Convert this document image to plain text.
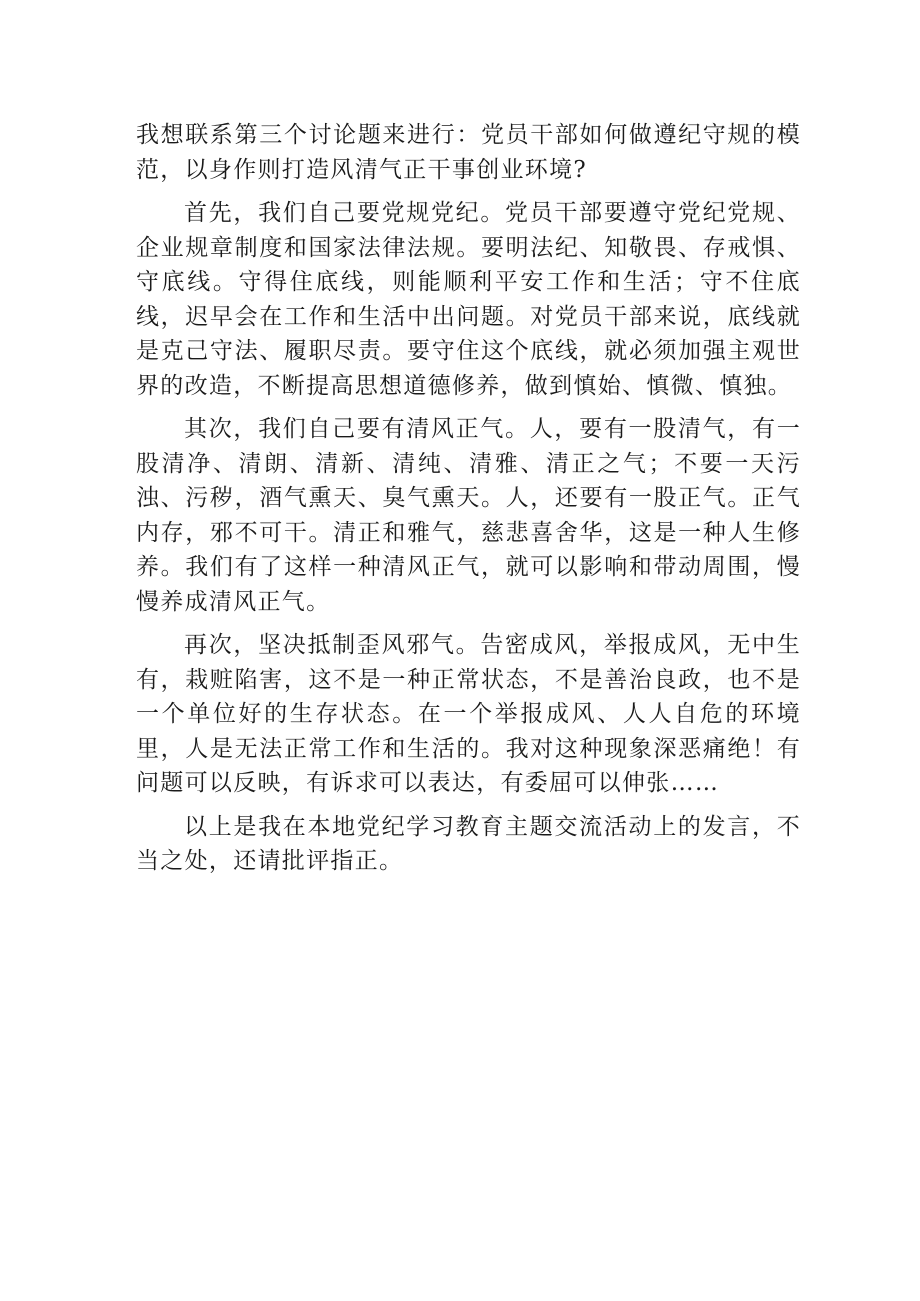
我想联系第三个讨论题来进行：党员干部如何做遵纪守规的模范，以身作则打造风清气正干事创业环境?

首先，我们自己要党规党纪。党员干部要遵守党纪党规、企业规章制度和国家法律法规。要明法纪、知敬畏、存戒惧、守底线。守得住底线，则能顺利平安工作和生活；守不住底线，迟早会在工作和生活中出问题。对党员干部来说，底线就是克己守法、履职尽责。要守住这个底线，就必须加强主观世界的改造，不断提高思想道德修养，做到慎始、慎微、慎独。

其次，我们自己要有清风正气。人，要有一股清气，有一股清净、清朗、清新、清纯、清雅、清正之气；不要一天污浊、污秽，酒气熏天、臭气熏天。人，还要有一股正气。正气内存，邪不可干。清正和雅气，慈悲喜舍华，这是一种人生修养。我们有了这样一种清风正气，就可以影响和带动周围，慢慢养成清风正气。

再次，坚决抵制歪风邪气。告密成风，举报成风，无中生有，栽赃陷害，这不是一种正常状态，不是善治良政，也不是一个单位好的生存状态。在一个举报成风、人人自危的环境里，人是无法正常工作和生活的。我对这种现象深恶痛绝！有问题可以反映，有诉求可以表达，有委屈可以伸张……

以上是我在本地党纪学习教育主题交流活动上的发言，不当之处，还请批评指正。
